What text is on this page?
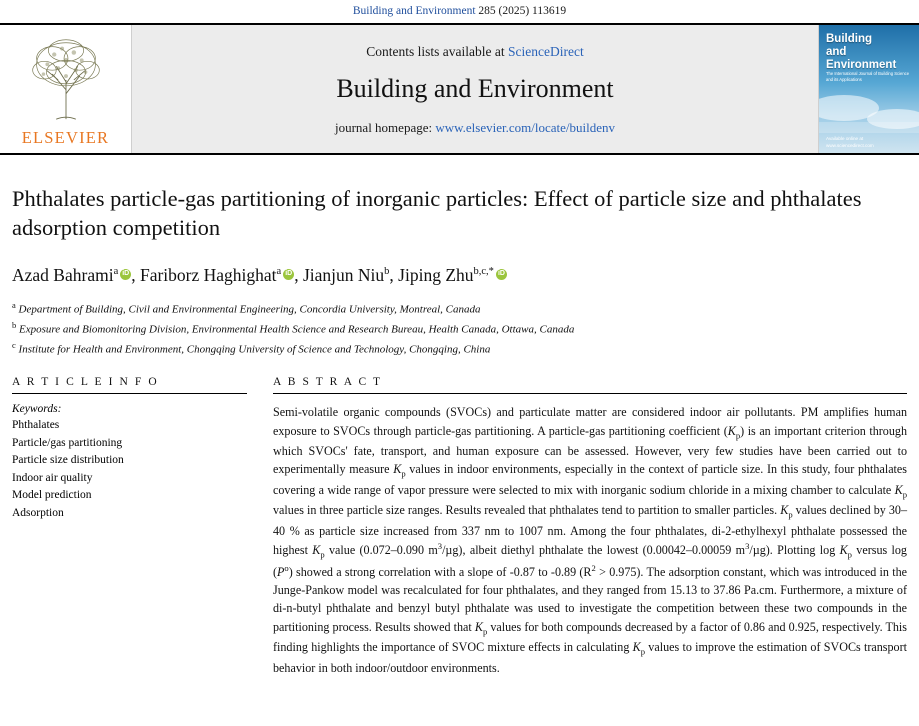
Building and Environment 285 (2025) 113619
ELSEVIER
Contents lists available at ScienceDirect
Building and Environment
journal homepage: www.elsevier.com/locate/buildenv
Building
and
Environment
The International Journal of Building Science and its Applications
Available online at www.sciencedirect.com
Phthalates particle-gas partitioning of inorganic particles: Effect of particle size and phthalates adsorption competition
Azad Bahrami$^a$ iD , Fariborz Haghighat$^a$ iD , Jianjun Niu$^b$, Jiping Zhu$^{b,c,*}$iD
$^a$ Department of Building, Civil and Environmental Engineering, Concordia University, Montreal, Canada
$^b$ Exposure and Biomonitoring Division, Environmental Health Science and Research Bureau, Health Canada, Ottawa, Canada
$^c$ Institute for Health and Environment, Chongqing University of Science and Technology, Chongqing, China
A R T I C L E I N F O
Keywords:
Phthalates
Particle/gas partitioning
Particle size distribution
Indoor air quality
Model prediction
Adsorption
A B S T R A C T
Semi-volatile organic compounds (SVOCs) and particulate matter are considered indoor air pollutants. PM amplifies human exposure to SVOCs through particle-gas partitioning. A particle-gas partitioning coefficient $(K_p)$ is an important criterion through which SVOCs' fate, transport, and human exposure can be assessed. However, very few studies have been carried out to experimentally measure $K_p$ values in indoor environments, especially in the context of particle size. In this study, four phthalates covering a wide range of vapor pressure were selected to mix with inorganic sodium chloride in a mixing chamber to calculate $K_p$ values in three particle size ranges. Results revealed that phthalates tend to partition to smaller particles. $K_p$ values declined by 30–40 % as particle size increased from 337 nm to 1007 nm. Among the four phthalates, di-2-ethylhexyl phthalate possessed the highest $K_p$ value (0.072–0.090 $m^3/\mu g$), albeit diethyl phthalate the lowest (0.00042–0.00059 $m^3/\mu g$). Plotting $\log K_p$ versus $\log (P^o)$ showed a strong correlation with a slope of -0.87 to -0.89 $(R^2 > 0.975)$. The adsorption constant, which was introduced in the Junge-Pankow model was recalculated for four phthalates, and they ranged from 15.13 to 37.86 Pa.cm. Furthermore, a mixture of di-n-butyl phthalate and benzyl butyl phthalate was used to investigate the competition between these two compounds in the partitioning process. Results showed that $K_p$ values for both compounds decreased by a factor of 0.86 and 0.925, respectively. This finding highlights the importance of SVOC mixture effects in calculating $K_p$ values to improve the estimation of SVOCs transport behavior in both indoor/outdoor environments.
